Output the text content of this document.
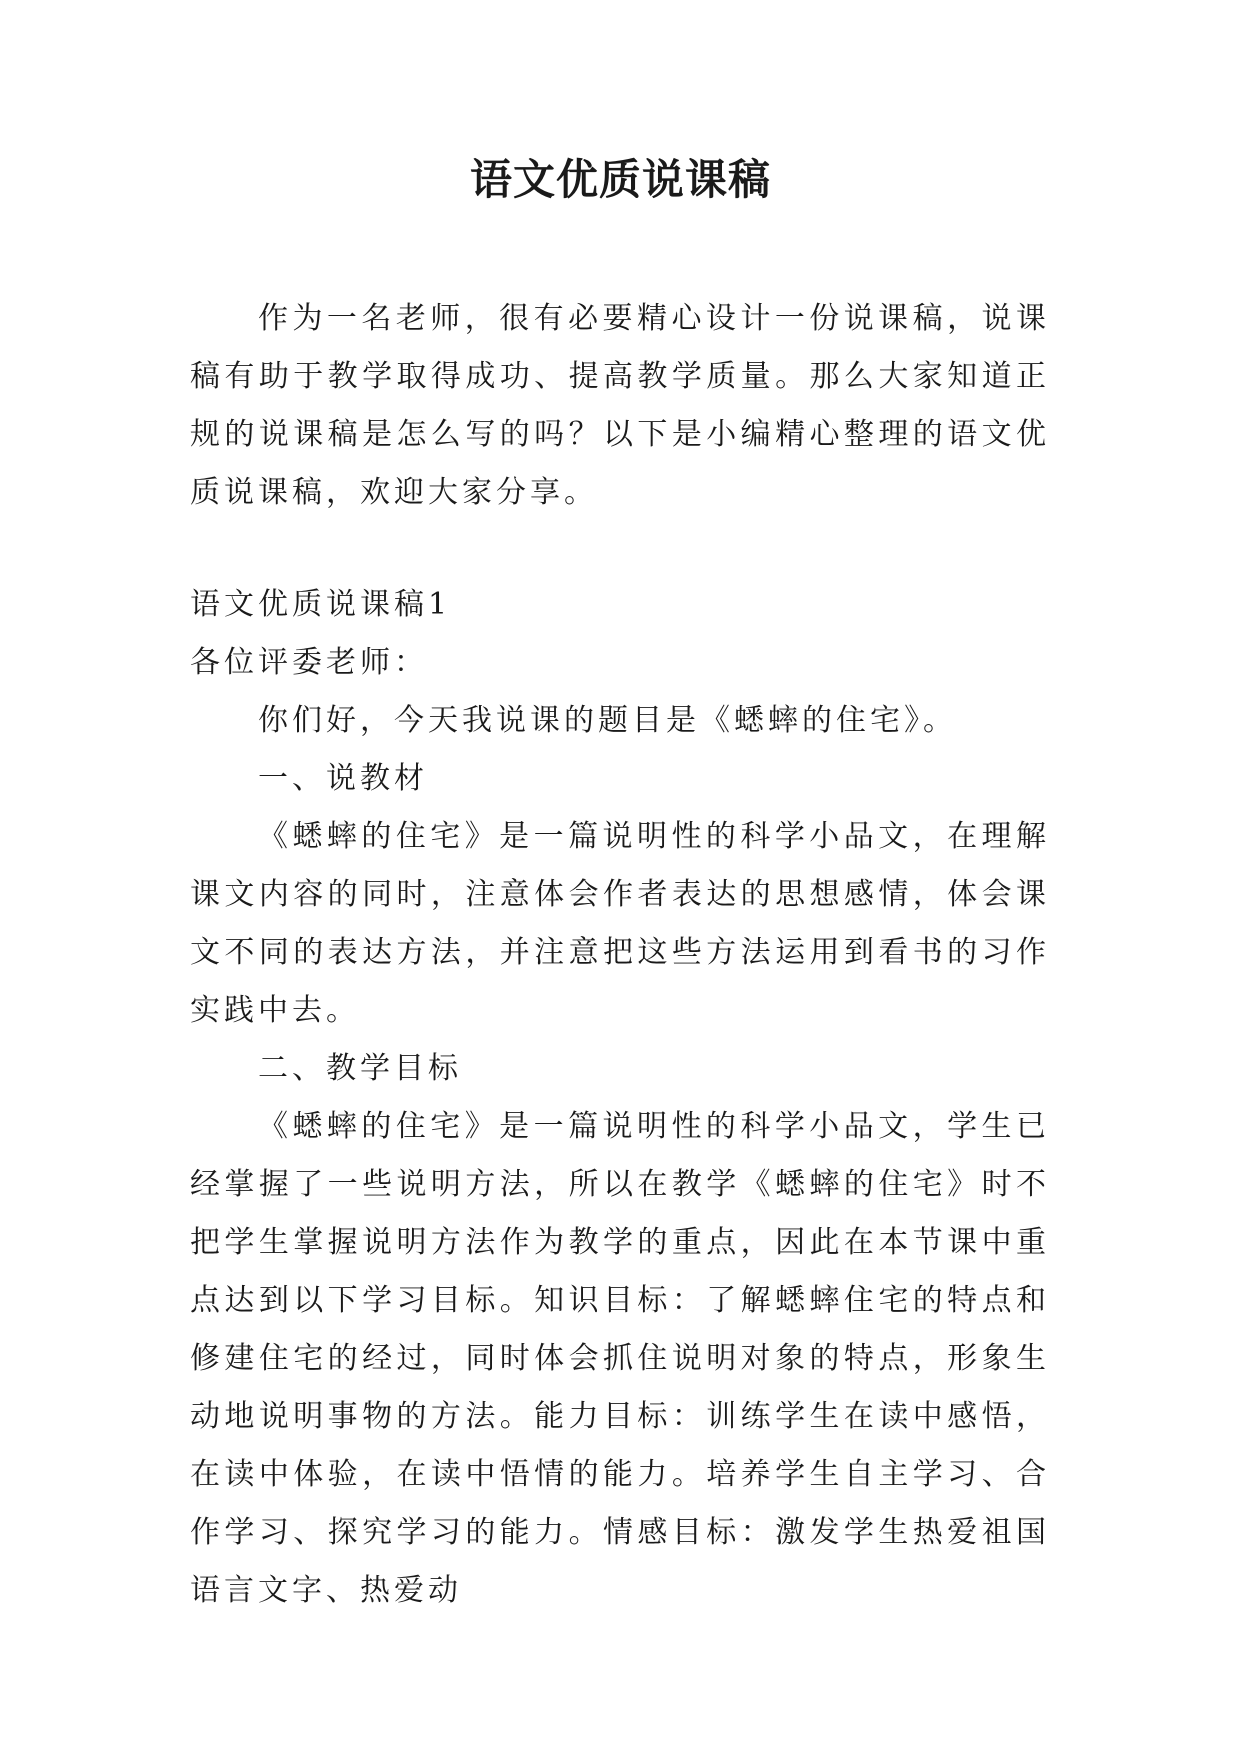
语文优质说课稿

作为一名老师，很有必要精心设计一份说课稿，说课稿有助于教学取得成功、提高教学质量。那么大家知道正规的说课稿是怎么写的吗？以下是小编精心整理的语文优质说课稿，欢迎大家分享。

语文优质说课稿1

各位评委老师：

你们好，今天我说课的题目是《蟋蟀的住宅》。

一、说教材

《蟋蟀的住宅》是一篇说明性的科学小品文，在理解课文内容的同时，注意体会作者表达的思想感情，体会课文不同的表达方法，并注意把这些方法运用到看书的习作实践中去。

二、教学目标

《蟋蟀的住宅》是一篇说明性的科学小品文，学生已经掌握了一些说明方法，所以在教学《蟋蟀的住宅》时不把学生掌握说明方法作为教学的重点，因此在本节课中重点达到以下学习目标。知识目标：了解蟋蟀住宅的特点和修建住宅的经过，同时体会抓住说明对象的特点，形象生动地说明事物的方法。能力目标：训练学生在读中感悟，在读中体验，在读中悟情的能力。培养学生自主学习、合作学习、探究学习的能力。情感目标：激发学生热爱祖国语言文字、热爱动
